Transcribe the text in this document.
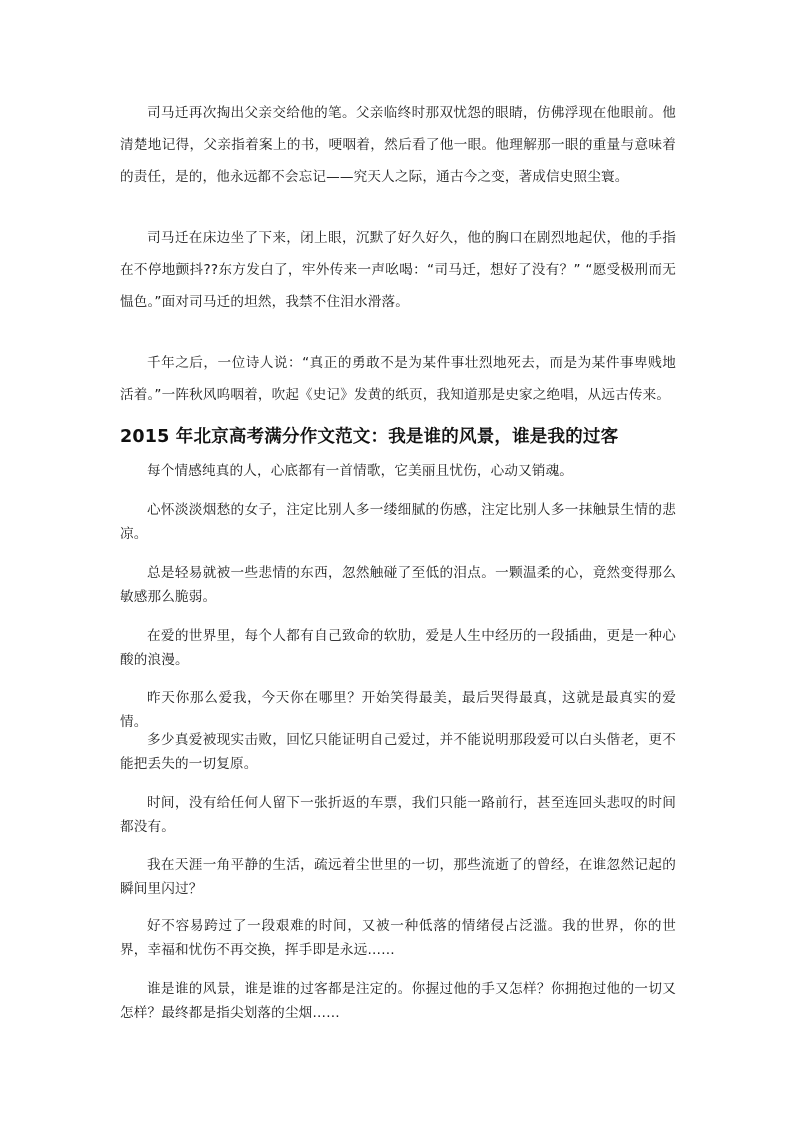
司马迁再次掏出父亲交给他的笔。父亲临终时那双忧怨的眼睛，仿佛浮现在他眼前。他清楚地记得，父亲指着案上的书，哽咽着，然后看了他一眼。他理解那一眼的重量与意味着的责任，是的，他永远都不会忘记——究天人之际，通古今之变，著成信史照尘寰。

司马迁在床边坐了下来，闭上眼，沉默了好久好久，他的胸口在剧烈地起伏，他的手指在不停地颤抖??东方发白了，牢外传来一声吆喝：“司马迁，想好了没有？” “愿受极刑而无愠色。”面对司马迁的坦然，我禁不住泪水滑落。

千年之后，一位诗人说：“真正的勇敢不是为某件事壮烈地死去，而是为某件事卑贱地活着。”一阵秋风呜咽着，吹起《史记》发黄的纸页，我知道那是史家之绝唱，从远古传来。

2015 年北京高考满分作文范文：我是谁的风景，谁是我的过客

每个情感纯真的人，心底都有一首情歌，它美丽且忧伤，心动又销魂。

心怀淡淡烟愁的女子，注定比别人多一缕细腻的伤感，注定比别人多一抹触景生情的悲凉。

总是轻易就被一些悲情的东西，忽然触碰了至低的泪点。一颗温柔的心，竟然变得那么敏感那么脆弱。

在爱的世界里，每个人都有自己致命的软肋，爱是人生中经历的一段插曲，更是一种心酸的浪漫。

昨天你那么爱我，今天你在哪里？开始笑得最美，最后哭得最真，这就是最真实的爱情。

多少真爱被现实击败，回忆只能证明自己爱过，并不能说明那段爱可以白头偕老，更不能把丢失的一切复原。

时间，没有给任何人留下一张折返的车票，我们只能一路前行，甚至连回头悲叹的时间都没有。

我在天涯一角平静的生活，疏远着尘世里的一切，那些流逝了的曾经，在谁忽然记起的瞬间里闪过？

好不容易跨过了一段艰难的时间，又被一种低落的情绪侵占泛滥。我的世界，你的世界，幸福和忧伤不再交换，挥手即是永远……

谁是谁的风景，谁是谁的过客都是注定的。你握过他的手又怎样？你拥抱过他的一切又怎样？最终都是指尖划落的尘烟……
